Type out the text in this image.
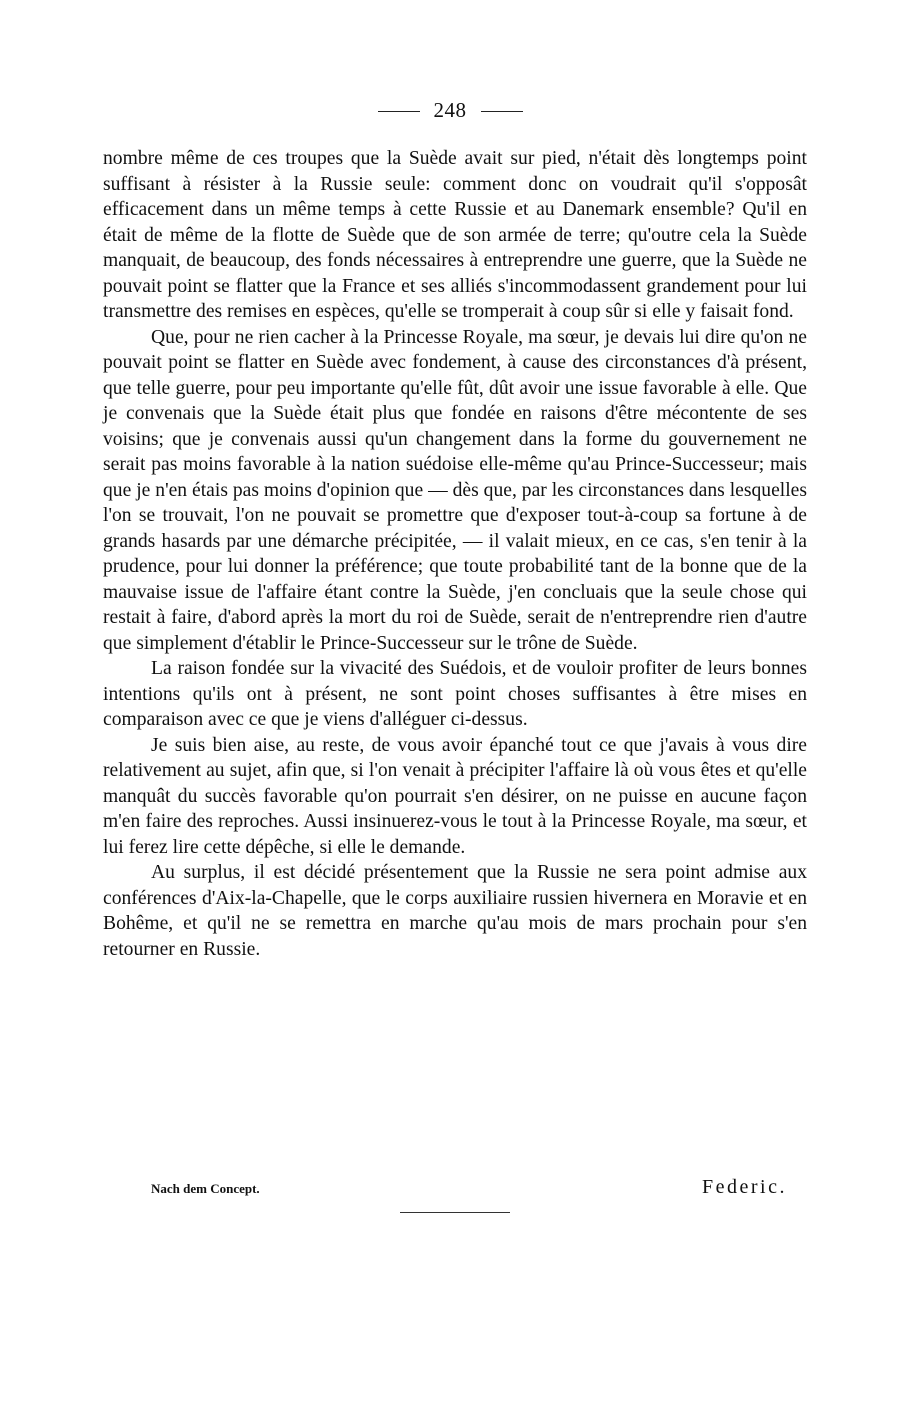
248

nombre même de ces troupes que la Suède avait sur pied, n'était dès longtemps point suffisant à résister à la Russie seule: comment donc on voudrait qu'il s'opposât efficacement dans un même temps à cette Russie et au Danemark ensemble? Qu'il en était de même de la flotte de Suède que de son armée de terre; qu'outre cela la Suède manquait, de beaucoup, des fonds nécessaires à entreprendre une guerre, que la Suède ne pouvait point se flatter que la France et ses alliés s'incommodassent grandement pour lui transmettre des remises en espèces, qu'elle se tromperait à coup sûr si elle y faisait fond.

Que, pour ne rien cacher à la Princesse Royale, ma sœur, je devais lui dire qu'on ne pouvait point se flatter en Suède avec fondement, à cause des circonstances d'à présent, que telle guerre, pour peu importante qu'elle fût, dût avoir une issue favorable à elle. Que je convenais que la Suède était plus que fondée en raisons d'être mécontente de ses voisins; que je convenais aussi qu'un changement dans la forme du gouvernement ne serait pas moins favorable à la nation suédoise elle-même qu'au Prince-Successeur; mais que je n'en étais pas moins d'opinion que — dès que, par les circonstances dans lesquelles l'on se trouvait, l'on ne pouvait se promettre que d'exposer tout-à-coup sa fortune à de grands hasards par une démarche précipitée, — il valait mieux, en ce cas, s'en tenir à la prudence, pour lui donner la préférence; que toute probabilité tant de la bonne que de la mauvaise issue de l'affaire étant contre la Suède, j'en concluais que la seule chose qui restait à faire, d'abord après la mort du roi de Suède, serait de n'entreprendre rien d'autre que simplement d'établir le Prince-Successeur sur le trône de Suède.

La raison fondée sur la vivacité des Suédois, et de vouloir profiter de leurs bonnes intentions qu'ils ont à présent, ne sont point choses suffisantes à être mises en comparaison avec ce que je viens d'alléguer ci-dessus.

Je suis bien aise, au reste, de vous avoir épanché tout ce que j'avais à vous dire relativement au sujet, afin que, si l'on venait à précipiter l'affaire là où vous êtes et qu'elle manquât du succès favorable qu'on pourrait s'en désirer, on ne puisse en aucune façon m'en faire des reproches. Aussi insinuerez-vous le tout à la Princesse Royale, ma sœur, et lui ferez lire cette dépêche, si elle le demande.

Au surplus, il est décidé présentement que la Russie ne sera point admise aux conférences d'Aix-la-Chapelle, que le corps auxiliaire russien hivernera en Moravie et en Bohême, et qu'il ne se remettra en marche qu'au mois de mars prochain pour s'en retourner en Russie.

Nach dem Concept.	Federic.
